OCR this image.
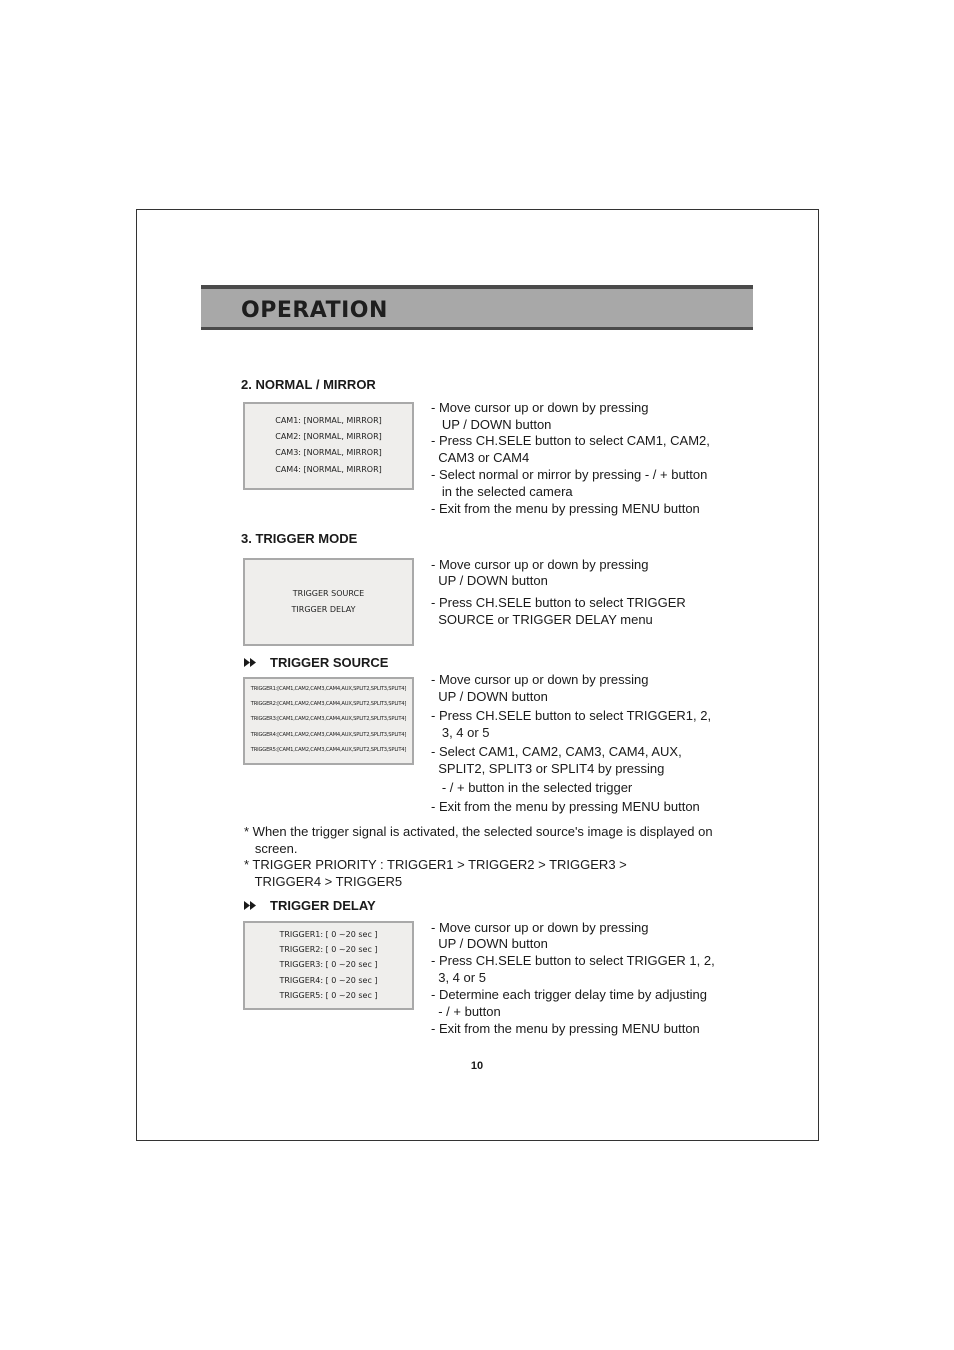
OPERATION
2. NORMAL / MIRROR
CAM1: [NORMAL, MIRROR]
CAM2: [NORMAL, MIRROR]
CAM3: [NORMAL, MIRROR]
CAM4: [NORMAL, MIRROR]
- Move cursor up or down by pressing
UP / DOWN button
- Press CH.SELE button to select CAM1, CAM2,
CAM3 or CAM4
- Select normal or mirror by pressing - / + button
in the selected camera
- Exit from the menu by pressing MENU button
3. TRIGGER MODE
TRIGGER SOURCE
TIRGGER DELAY
- Move cursor up or down by pressing
UP / DOWN button
- Press CH.SELE button to select TRIGGER
SOURCE or TRIGGER DELAY menu
TRIGGER SOURCE
TRIGGER1:[CAM1,CAM2,CAM3,CAM4,AUX,SPLIT2,SPLIT3,SPLIT4]
TRIGGER2:[CAM1,CAM2,CAM3,CAM4,AUX,SPLIT2,SPLIT3,SPLIT4]
TRIGGER3:[CAM1,CAM2,CAM3,CAM4,AUX,SPLIT2,SPLIT3,SPLIT4]
TRIGGER4:[CAM1,CAM2,CAM3,CAM4,AUX,SPLIT2,SPLIT3,SPLIT4]
TRIGGER5:[CAM1,CAM2,CAM3,CAM4,AUX,SPLIT2,SPLIT3,SPLIT4]
- Move cursor up or down by pressing
UP / DOWN button
- Press CH.SELE button to select TRIGGER1, 2,
3, 4 or 5
- Select CAM1, CAM2, CAM3, CAM4, AUX,
SPLIT2, SPLIT3 or SPLIT4 by pressing
- / + button in the selected trigger
- Exit from the menu by pressing MENU button
* When the trigger signal is activated, the selected source's image is displayed on
screen.
* TRIGGER PRIORITY : TRIGGER1 > TRIGGER2 > TRIGGER3 >
TRIGGER4 > TRIGGER5
TRIGGER DELAY
TRIGGER1: [ 0 ~20 sec ]
TRIGGER2: [ 0 ~20 sec ]
TRIGGER3: [ 0 ~20 sec ]
TRIGGER4: [ 0 ~20 sec ]
TRIGGER5: [ 0 ~20 sec ]
- Move cursor up or down by pressing
UP / DOWN button
- Press CH.SELE button to select TRIGGER 1, 2,
3, 4 or 5
- Determine each trigger delay time by adjusting
- / + button
- Exit from the menu by pressing MENU button
10
